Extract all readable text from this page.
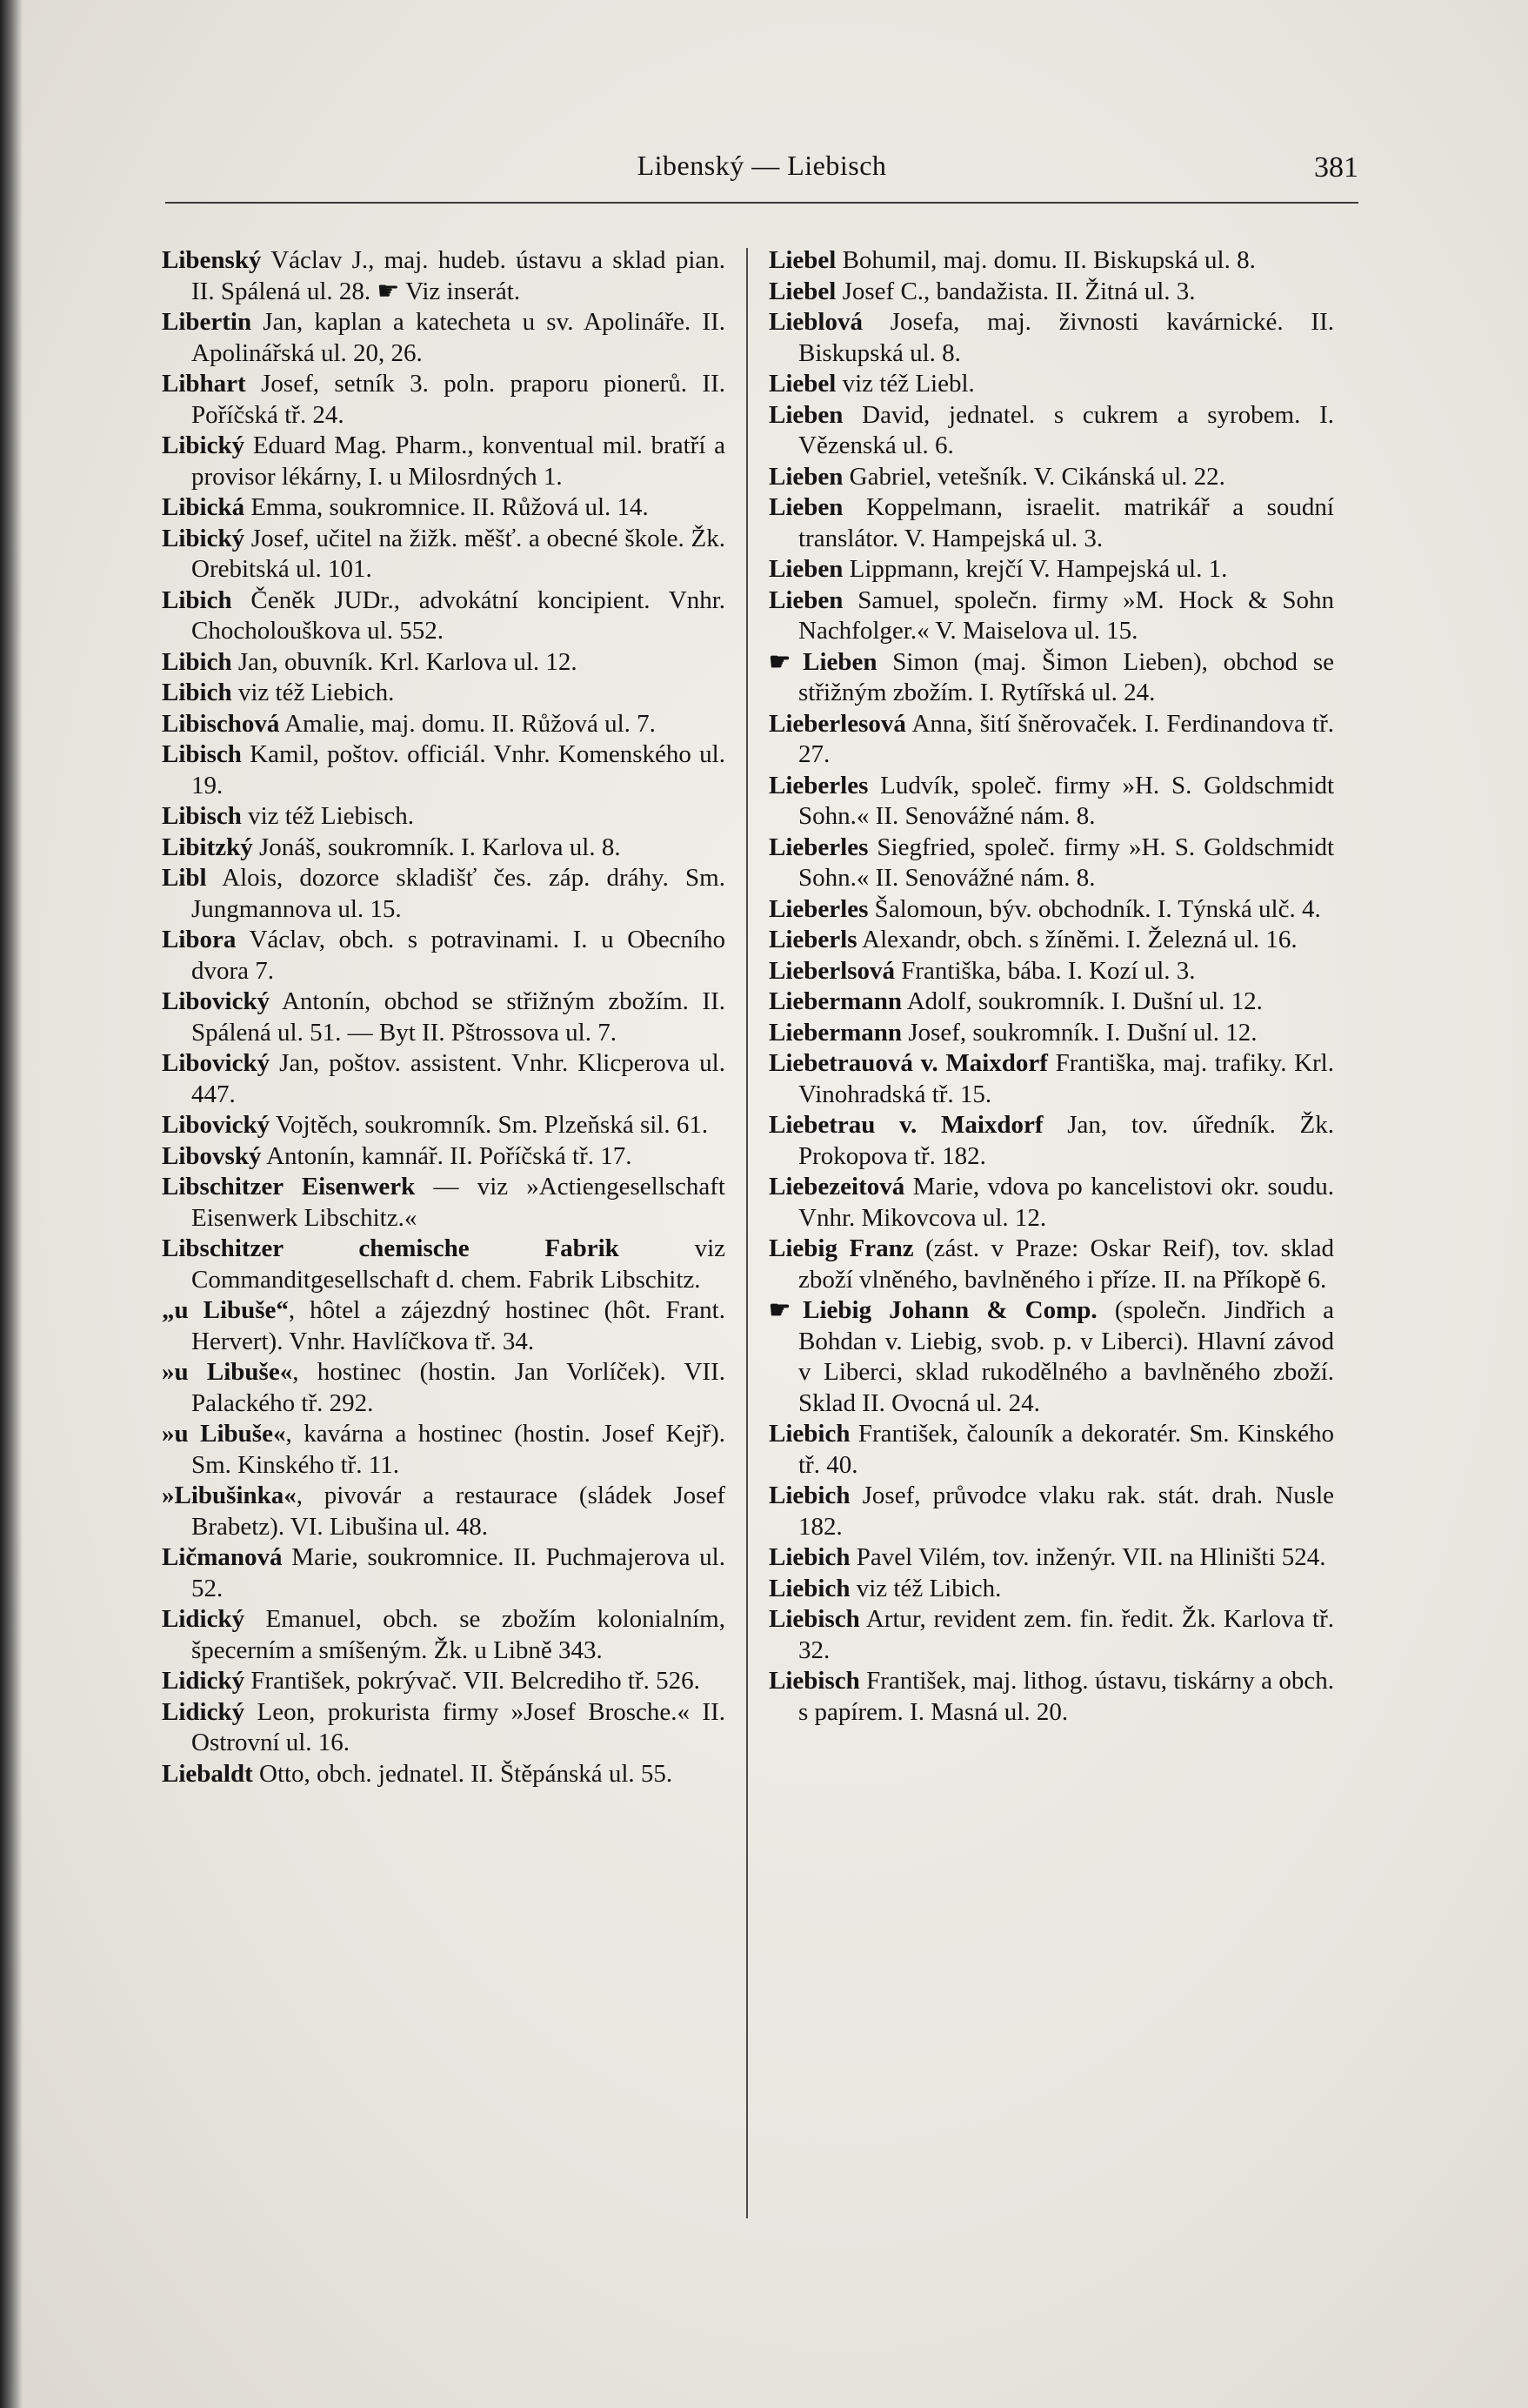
Libenský — Liebisch	381

Libenský Václav J., maj. hudeb. ústavu a sklad pian. II. Spálená ul. 28. ☛ Viz inserát.

Libertin Jan, kaplan a katecheta u sv. Apolináře. II. Apolinářská ul. 20, 26.

Libhart Josef, setník 3. poln. praporu pionerů. II. Poříčská tř. 24.

Libický Eduard Mag. Pharm., konventual mil. bratří a provisor lékárny, I. u Milosrdných 1.

Libická Emma, soukromnice. II. Růžová ul. 14.

Libický Josef, učitel na žižk. měšť. a obecné škole. Žk. Orebitská ul. 101.

Libich Čeněk JUDr., advokátní koncipient. Vnhr. Chocholouškova ul. 552.

Libich Jan, obuvník. Krl. Karlova ul. 12.

Libich viz též Liebich.

Libischová Amalie, maj. domu. II. Růžová ul. 7.

Libisch Kamil, poštov. officiál. Vnhr. Komenského ul. 19.

Libisch viz též Liebisch.

Libitzký Jonáš, soukromník. I. Karlova ul. 8.

Libl Alois, dozorce skladišť čes. záp. dráhy. Sm. Jungmannova ul. 15.

Libora Václav, obch. s potravinami. I. u Obecního dvora 7.

Libovický Antonín, obchod se střižným zbožím. II. Spálená ul. 51. — Byt II. Pštrossova ul. 7.

Libovický Jan, poštov. assistent. Vnhr. Klicperova ul. 447.

Libovický Vojtěch, soukromník. Sm. Plzeňská sil. 61.

Libovský Antonín, kamnář. II. Poříčská tř. 17.

Libschitzer Eisenwerk — viz »Actiengesellschaft Eisenwerk Libschitz.«

Libschitzer chemische Fabrik viz Commanditgesellschaft d. chem. Fabrik Libschitz.

„u Libuše“, hôtel a zájezdný hostinec (hôt. Frant. Hervert). Vnhr. Havlíčkova tř. 34.

»u Libuše«, hostinec (hostin. Jan Vorlíček). VII. Palackého tř. 292.

»u Libuše«, kavárna a hostinec (hostin. Josef Kejř). Sm. Kinského tř. 11.

»Libušinka«, pivovár a restaurace (sládek Josef Brabetz). VI. Libušina ul. 48.

Ličmanová Marie, soukromnice. II. Puchmajerova ul. 52.

Lidický Emanuel, obch. se zbožím kolonialním, špecerním a smíšeným. Žk. u Libně 343.

Lidický František, pokrývač. VII. Belcrediho tř. 526.

Lidický Leon, prokurista firmy »Josef Brosche.« II. Ostrovní ul. 16.

Liebaldt Otto, obch. jednatel. II. Štěpánská ul. 55.

Liebel Bohumil, maj. domu. II. Biskupská ul. 8.

Liebel Josef C., bandažista. II. Žitná ul. 3.

Lieblová Josefa, maj. živnosti kavárnické. II. Biskupská ul. 8.

Liebel viz též Liebl.

Lieben David, jednatel. s cukrem a syrobem. I. Vězenská ul. 6.

Lieben Gabriel, vetešník. V. Cikánská ul. 22.

Lieben Koppelmann, israelit. matrikář a soudní translátor. V. Hampejská ul. 3.

Lieben Lippmann, krejčí V. Hampejská ul. 1.

Lieben Samuel, společn. firmy »M. Hock & Sohn Nachfolger.« V. Maiselova ul. 15.

☛ Lieben Simon (maj. Šimon Lieben), obchod se střižným zbožím. I. Rytířská ul. 24.

Lieberlesová Anna, šití šněrovaček. I. Ferdinandova tř. 27.

Lieberles Ludvík, společ. firmy »H. S. Goldschmidt Sohn.« II. Senovážné nám. 8.

Lieberles Siegfried, společ. firmy »H. S. Goldschmidt Sohn.« II. Senovážné nám. 8.

Lieberles Šalomoun, býv. obchodník. I. Týnská ulč. 4.

Lieberls Alexandr, obch. s žíněmi. I. Železná ul. 16.

Lieberlsová Františka, bába. I. Kozí ul. 3.

Liebermann Adolf, soukromník. I. Dušní ul. 12.

Liebermann Josef, soukromník. I. Dušní ul. 12.

Liebetrauová v. Maixdorf Františka, maj. trafiky. Krl. Vinohradská tř. 15.

Liebetrau v. Maixdorf Jan, tov. úředník. Žk. Prokopova tř. 182.

Liebezeitová Marie, vdova po kancelistovi okr. soudu. Vnhr. Mikovcova ul. 12.

Liebig Franz (zást. v Praze: Oskar Reif), tov. sklad zboží vlněného, bavlněného i příze. II. na Příkopě 6.

☛ Liebig Johann & Comp. (společn. Jindřich a Bohdan v. Liebig, svob. p. v Liberci). Hlavní závod v Liberci, sklad rukodělného a bavlněného zboží. Sklad II. Ovocná ul. 24.

Liebich František, čalouník a dekoratér. Sm. Kinského tř. 40.

Liebich Josef, průvodce vlaku rak. stát. drah. Nusle 182.

Liebich Pavel Vilém, tov. inženýr. VII. na Hliništi 524.

Liebich viz též Libich.

Liebisch Artur, revident zem. fin. ředit. Žk. Karlova tř. 32.

Liebisch František, maj. lithog. ústavu, tiskárny a obch. s papírem. I. Masná ul. 20.
